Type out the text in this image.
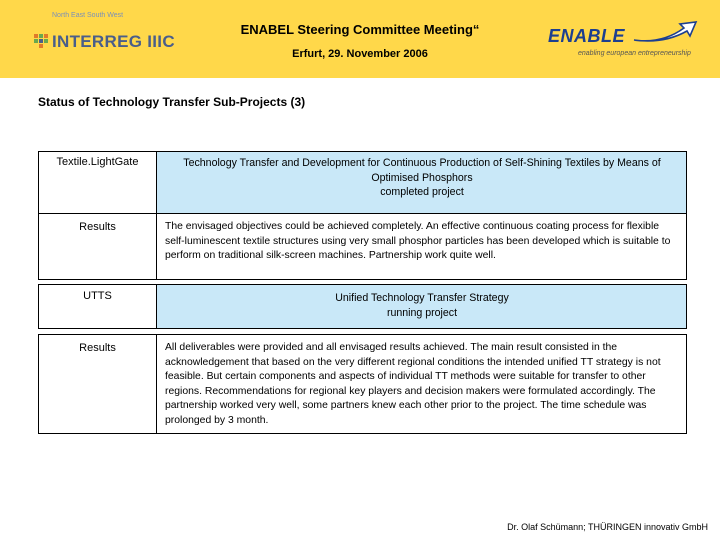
North East South West
INTERREG IIIC
ENABEL Steering Committee Meeting“
Erfurt, 29. November 2006
ENABLE
enabling european entrepreneurship
Status of Technology Transfer Sub-Projects (3)
Textile.LightGate	Technology Transfer and Development for Continuous Production of Self-Shining Textiles by Means of Optimised Phosphors
completed project
Results	The envisaged objectives could be achieved completely. An effective continuous coating process for flexible self-luminescent textile structures using very small phosphor particles has been developed which is suitable to perform on traditional silk-screen machines. Partnership work quite well.
UTTS	Unified Technology Transfer Strategy
running project
Results	All deliverables were provided and all envisaged results achieved. The main result consisted in the acknowledgement that based on the very different regional conditions the intended unified TT strategy is not feasible. But certain components and aspects of individual TT methods were suitable for transfer to other regions. Recommendations for regional key players and decision makers were formulated accordingly. The partnership worked very well, some partners knew each other prior to the project. The time schedule was prolonged by 3 month.
Dr. Olaf Schümann; THÜRINGEN innovativ GmbH
